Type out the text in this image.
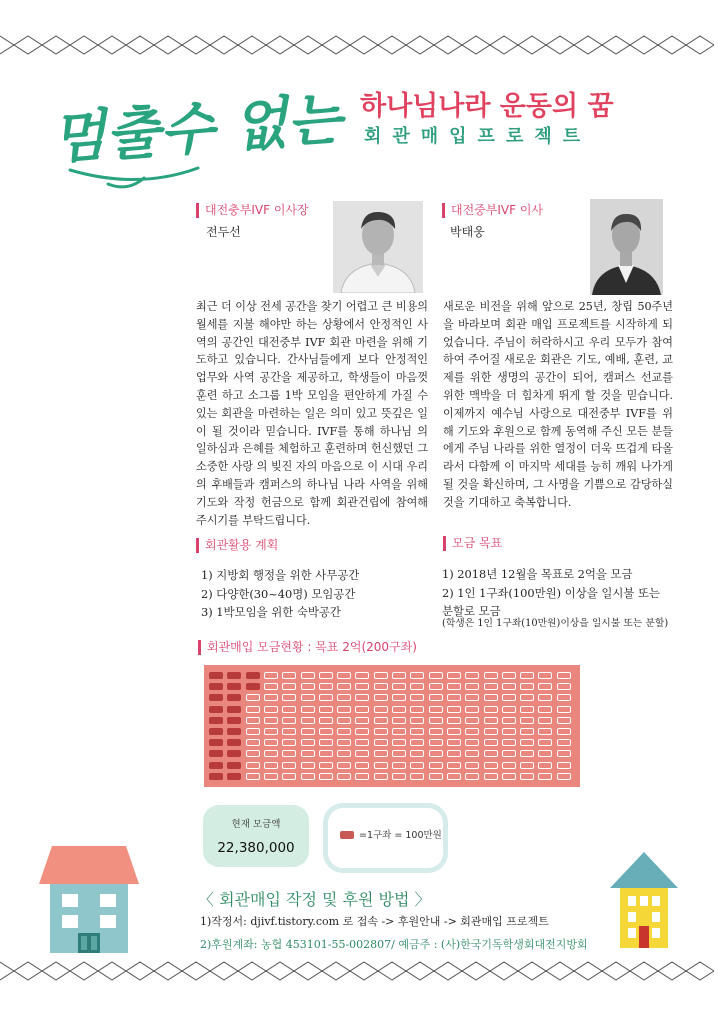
멈출수 없는 하나님나라 운동의 꿈
회관매입프로젝트
대전충부IVF 이사장
전두선
최근 더 이상 전세 공간을 찾기 어렵고 큰 비용의 월세를 지불 해야만 하는 상황에서 안정적인 사역의 공간인 대전중부 IVF 회관 마련을 위해 기도하고 있습니다. 간사님들에게 보다 안정적인 업무와 사역 공간을 제공하고, 학생들이 마음껏 훈련 하고 소그룹 1박 모임을 편안하게 가질 수 있는 회관을 마련하는 일은 의미 있고 뜻깊은 일이 될 것이라 믿습니다. IVF를 통해 하나님 의 일하심과 은혜를 체험하고 훈련하며 헌신했던 그 소중한 사랑 의 빚진 자의 마음으로 이 시대 우리의 후배들과 캠퍼스의 하나님 나라 사역을 위해 기도와 작정 헌금으로 함께 회관건립에 참여해 주시기를 부탁드립니다.
대전중부IVF 이사
박태웅
새로운 비전을 위해 앞으로 25년, 창립 50주년을 바라보며 회관 매입 프로젝트를 시작하게 되었습니다. 주님이 허락하시고 우리 모두가 참여하여 주어질 새로운 회관은 기도, 예배, 훈련, 교제를 위한 생명의 공간이 되어, 캠퍼스 선교를 위한 맥박을 더 힘차게 뛰게 할 것을 믿습니다. 이제까지 예수님 사랑으로 대전중부 IVF를 위해 기도와 후원으로 함께 동역해 주신 모든 분들에게 주님 나라를 위한 열정이 더욱 뜨겁게 타올라서 다함께 이 마지막 세대를 능히 깨워 나가게 될 것을 확신하며, 그 사명을 기쁨으로 감당하실 것을 기대하고 축복합니다.
회관활용 계획
1) 지방회 행정을 위한 사무공간
2) 다양한(30~40명) 모임공간
3) 1박모임을 위한 숙박공간
모금 목표
1) 2018년 12월을 목표로 2억을 모금
2) 1인 1구좌(100만원) 이상을 일시불 또는 분할로 모금
(학생은 1인 1구좌(10만원)이상을 일시불 또는 분할)
회관매입 모금현황 : 목표 2억(200구좌)
현재 모금액
22,380,000
=1구좌 = 100만원
〈 회관매입 작정 및 후원 방법 〉
1)작정서: djivf.tistory.com 로 접속 -> 후원안내 -> 회관매입 프로젝트
2)후원계좌: 농협 453101-55-002807/ 예금주 : (사)한국기독학생회대전지방회
